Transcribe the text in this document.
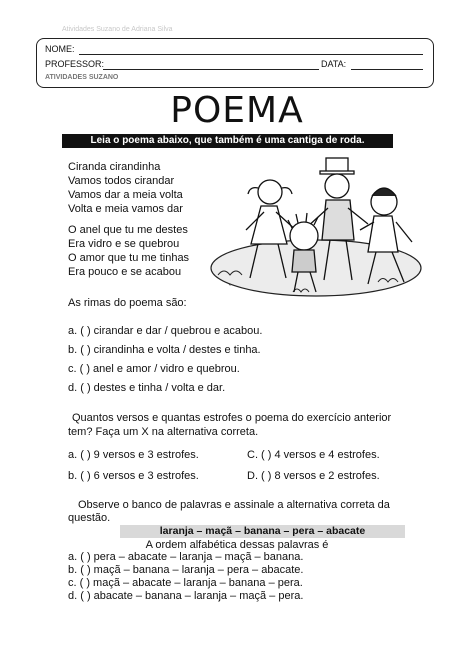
Atividades Suzano de Adriana Silva
NOME:
PROFESSOR:	DATA:
ATIVIDADES SUZANO
POEMA
Leia o poema abaixo, que também é uma cantiga de roda.
Ciranda cirandinha
Vamos todos cirandar
Vamos dar a meia volta
Volta e meia vamos dar
O anel que tu me destes
Era vidro e se quebrou
O amor que tu me tinhas
Era pouco e se acabou
As rimas do poema são:
a. ( ) cirandar e dar / quebrou e acabou.
b. ( ) cirandinha e volta / destes e tinha.
c. ( ) anel e amor / vidro e quebrou.
d. ( ) destes e tinha / volta e dar.
Quantos versos e quantas estrofes o poema do exercício anterior
tem? Faça um X na alternativa correta.
a. ( ) 9 versos e 3 estrofes.	C. ( ) 4 versos e 4 estrofes.
b. ( ) 6 versos e 3 estrofes.	D. ( ) 8 versos e 2 estrofes.
Observe o banco de palavras e assinale a alternativa correta da
questão.
laranja – maçã – banana – pera – abacate
A ordem alfabética dessas palavras é
a. ( ) pera – abacate – laranja – maçã – banana.
b. ( ) maçã – banana – laranja – pera – abacate.
c. ( ) maçã – abacate – laranja – banana – pera.
d. ( ) abacate – banana – laranja – maçã – pera.
